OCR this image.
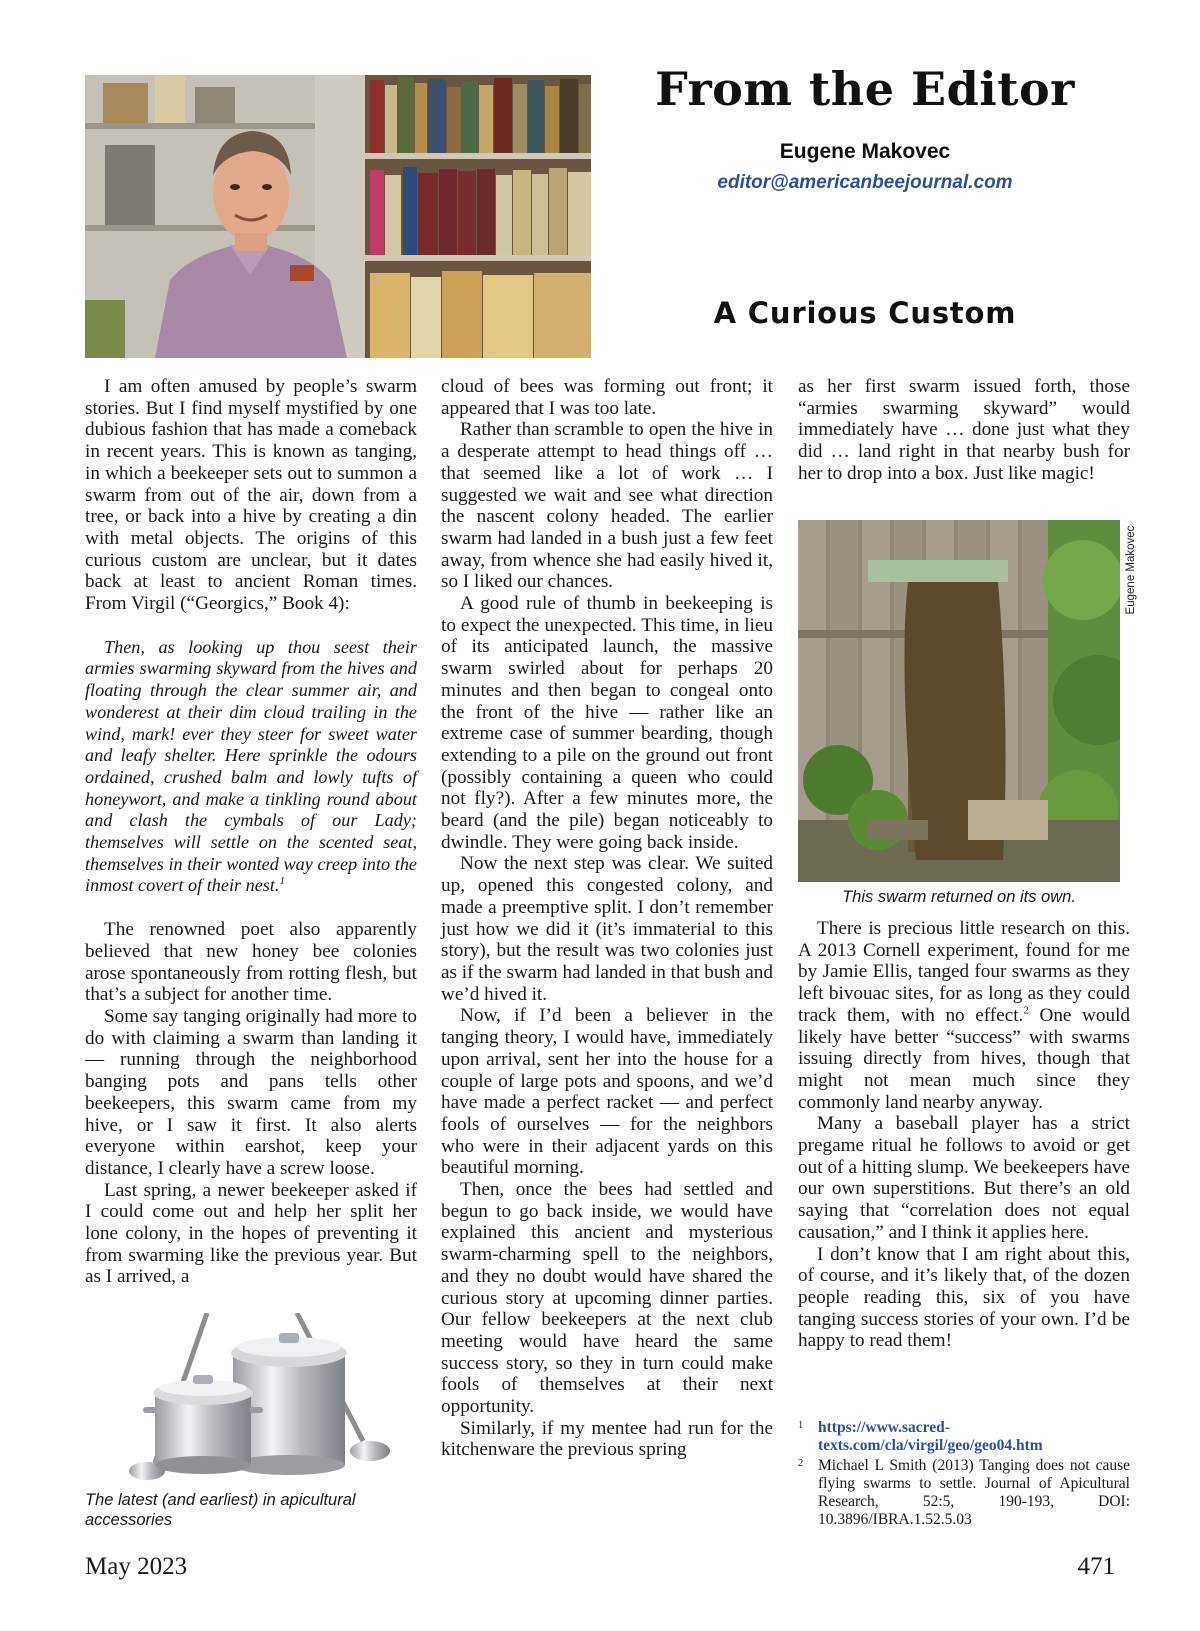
From the Editor
Eugene Makovec
editor@americanbeejournal.com
A Curious Custom

I am often amused by people’s swarm stories. But I find myself mystified by one dubious fashion that has made a comeback in recent years. This is known as tanging, in which a beekeeper sets out to summon a swarm from out of the air, down from a tree, or back into a hive by creating a din with metal objects. The origins of this curious custom are unclear, but it dates back at least to ancient Roman times. From Virgil (“Georgics,” Book 4):

Then, as looking up thou seest their armies swarming skyward from the hives and floating through the clear summer air, and wonderest at their dim cloud trailing in the wind, mark! ever they steer for sweet water and leafy shelter. Here sprinkle the odours ordained, crushed balm and lowly tufts of honeywort, and make a tinkling round about and clash the cymbals of our Lady; themselves will settle on the scented seat, themselves in their wonted way creep into the inmost covert of their nest.$^1$

The renowned poet also apparently believed that new honey bee colonies arose spontaneously from rotting flesh, but that’s a subject for another time.

Some say tanging originally had more to do with claiming a swarm than landing it — running through the neighborhood banging pots and pans tells other beekeepers, this swarm came from my hive, or I saw it first. It also alerts everyone within earshot, keep your distance, I clearly have a screw loose.

Last spring, a newer beekeeper asked if I could come out and help her split her lone colony, in the hopes of preventing it from swarming like the previous year. But as I arrived, a

The latest (and earliest) in apicultural accessories

cloud of bees was forming out front; it appeared that I was too late.

Rather than scramble to open the hive in a desperate attempt to head things off … that seemed like a lot of work … I suggested we wait and see what direction the nascent colony headed. The earlier swarm had landed in a bush just a few feet away, from whence she had easily hived it, so I liked our chances.

A good rule of thumb in beekeeping is to expect the unexpected. This time, in lieu of its anticipated launch, the massive swarm swirled about for perhaps 20 minutes and then began to congeal onto the front of the hive — rather like an extreme case of summer bearding, though extending to a pile on the ground out front (possibly containing a queen who could not fly?). After a few minutes more, the beard (and the pile) began noticeably to dwindle. They were going back inside.

Now the next step was clear. We suited up, opened this congested colony, and made a preemptive split. I don’t remember just how we did it (it’s immaterial to this story), but the result was two colonies just as if the swarm had landed in that bush and we’d hived it.

Now, if I’d been a believer in the tanging theory, I would have, immediately upon arrival, sent her into the house for a couple of large pots and spoons, and we’d have made a perfect racket — and perfect fools of ourselves — for the neighbors who were in their adjacent yards on this beautiful morning.

Then, once the bees had settled and begun to go back inside, we would have explained this ancient and mysterious swarm-charming spell to the neighbors, and they no doubt would have shared the curious story at upcoming dinner parties. Our fellow beekeepers at the next club meeting would have heard the same success story, so they in turn could make fools of themselves at their next opportunity.

Similarly, if my mentee had run for the kitchenware the previous spring

as her first swarm issued forth, those “armies swarming skyward” would immediately have … done just what they did … land right in that nearby bush for her to drop into a box. Just like magic!

Eugene Makovec
This swarm returned on its own.

There is precious little research on this. A 2013 Cornell experiment, found for me by Jamie Ellis, tanged four swarms as they left bivouac sites, for as long as they could track them, with no effect.$^2$ One would likely have better “success” with swarms issuing directly from hives, though that might not mean much since they commonly land nearby anyway.

Many a baseball player has a strict pregame ritual he follows to avoid or get out of a hitting slump. We beekeepers have our own superstitions. But there’s an old saying that “correlation does not equal causation,” and I think it applies here.

I don’t know that I am right about this, of course, and it’s likely that, of the dozen people reading this, six of you have tanging success stories of your own. I’d be happy to read them!

1 https://www.sacred-texts.com/cla/virgil/geo/geo04.htm
2 Michael L Smith (2013) Tanging does not cause flying swarms to settle. Journal of Apicultural Research, 52:5, 190-193, DOI: 10.3896/IBRA.1.52.5.03
May 2023	471
